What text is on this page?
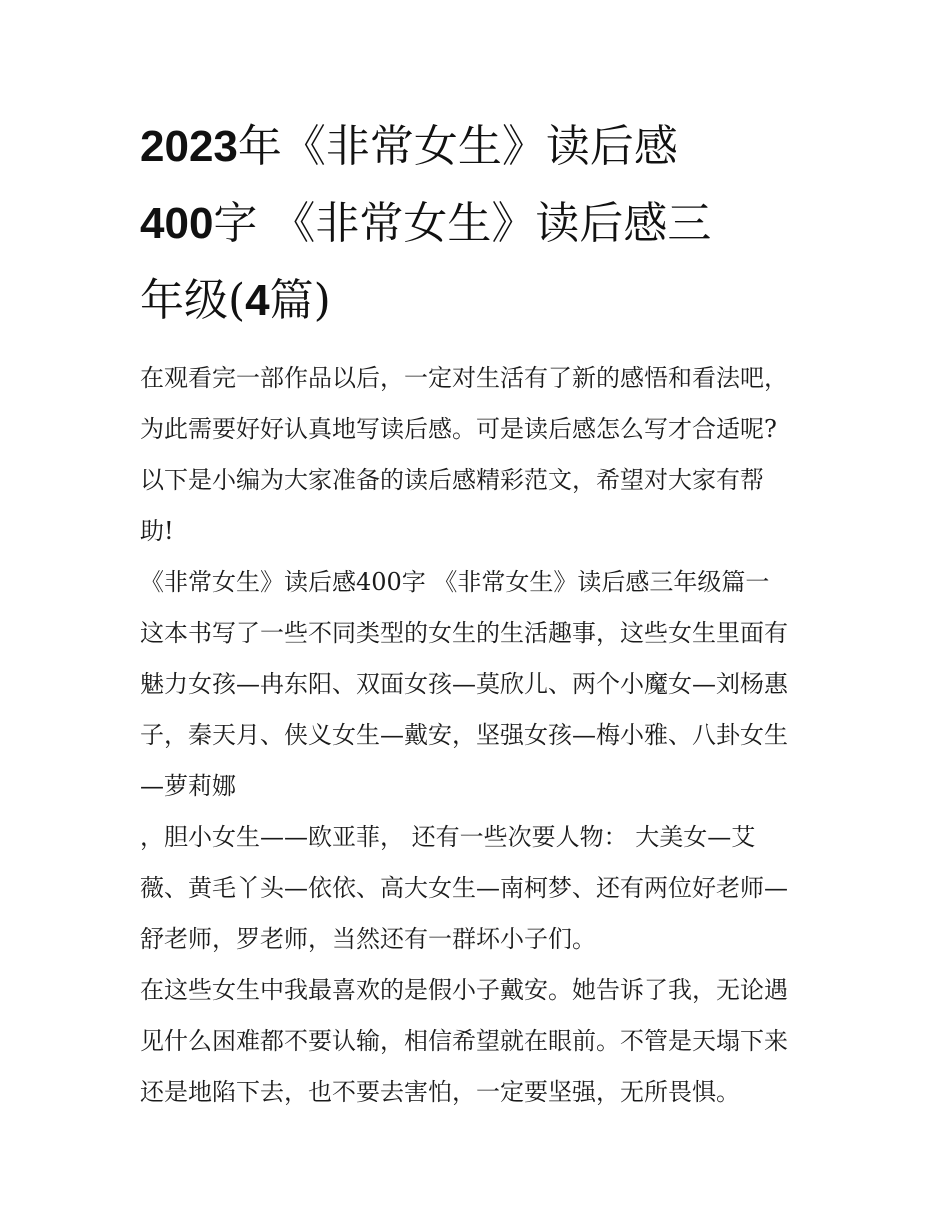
2023年《非常女生》读后感
400字 《非常女生》读后感三
年级(4篇)
在观看完一部作品以后，一定对生活有了新的感悟和看法吧，
为此需要好好认真地写读后感。可是读后感怎么写才合适呢?
以下是小编为大家准备的读后感精彩范文，希望对大家有帮
助!
《非常女生》读后感400字 《非常女生》读后感三年级篇一
这本书写了一些不同类型的女生的生活趣事，这些女生里面有
魅力女孩—冉东阳、双面女孩—莫欣儿、两个小魔女—刘杨惠
子，秦天月、侠义女生—戴安，坚强女孩—梅小雅、八卦女生
—萝莉娜
，胆小女生——欧亚菲， 还有一些次要人物： 大美女—艾
薇、黄毛丫头—依依、高大女生—南柯梦、还有两位好老师—
舒老师，罗老师，当然还有一群坏小子们。
在这些女生中我最喜欢的是假小子戴安。她告诉了我，无论遇
见什么困难都不要认输，相信希望就在眼前。不管是天塌下来
还是地陷下去，也不要去害怕，一定要坚强，无所畏惧。
